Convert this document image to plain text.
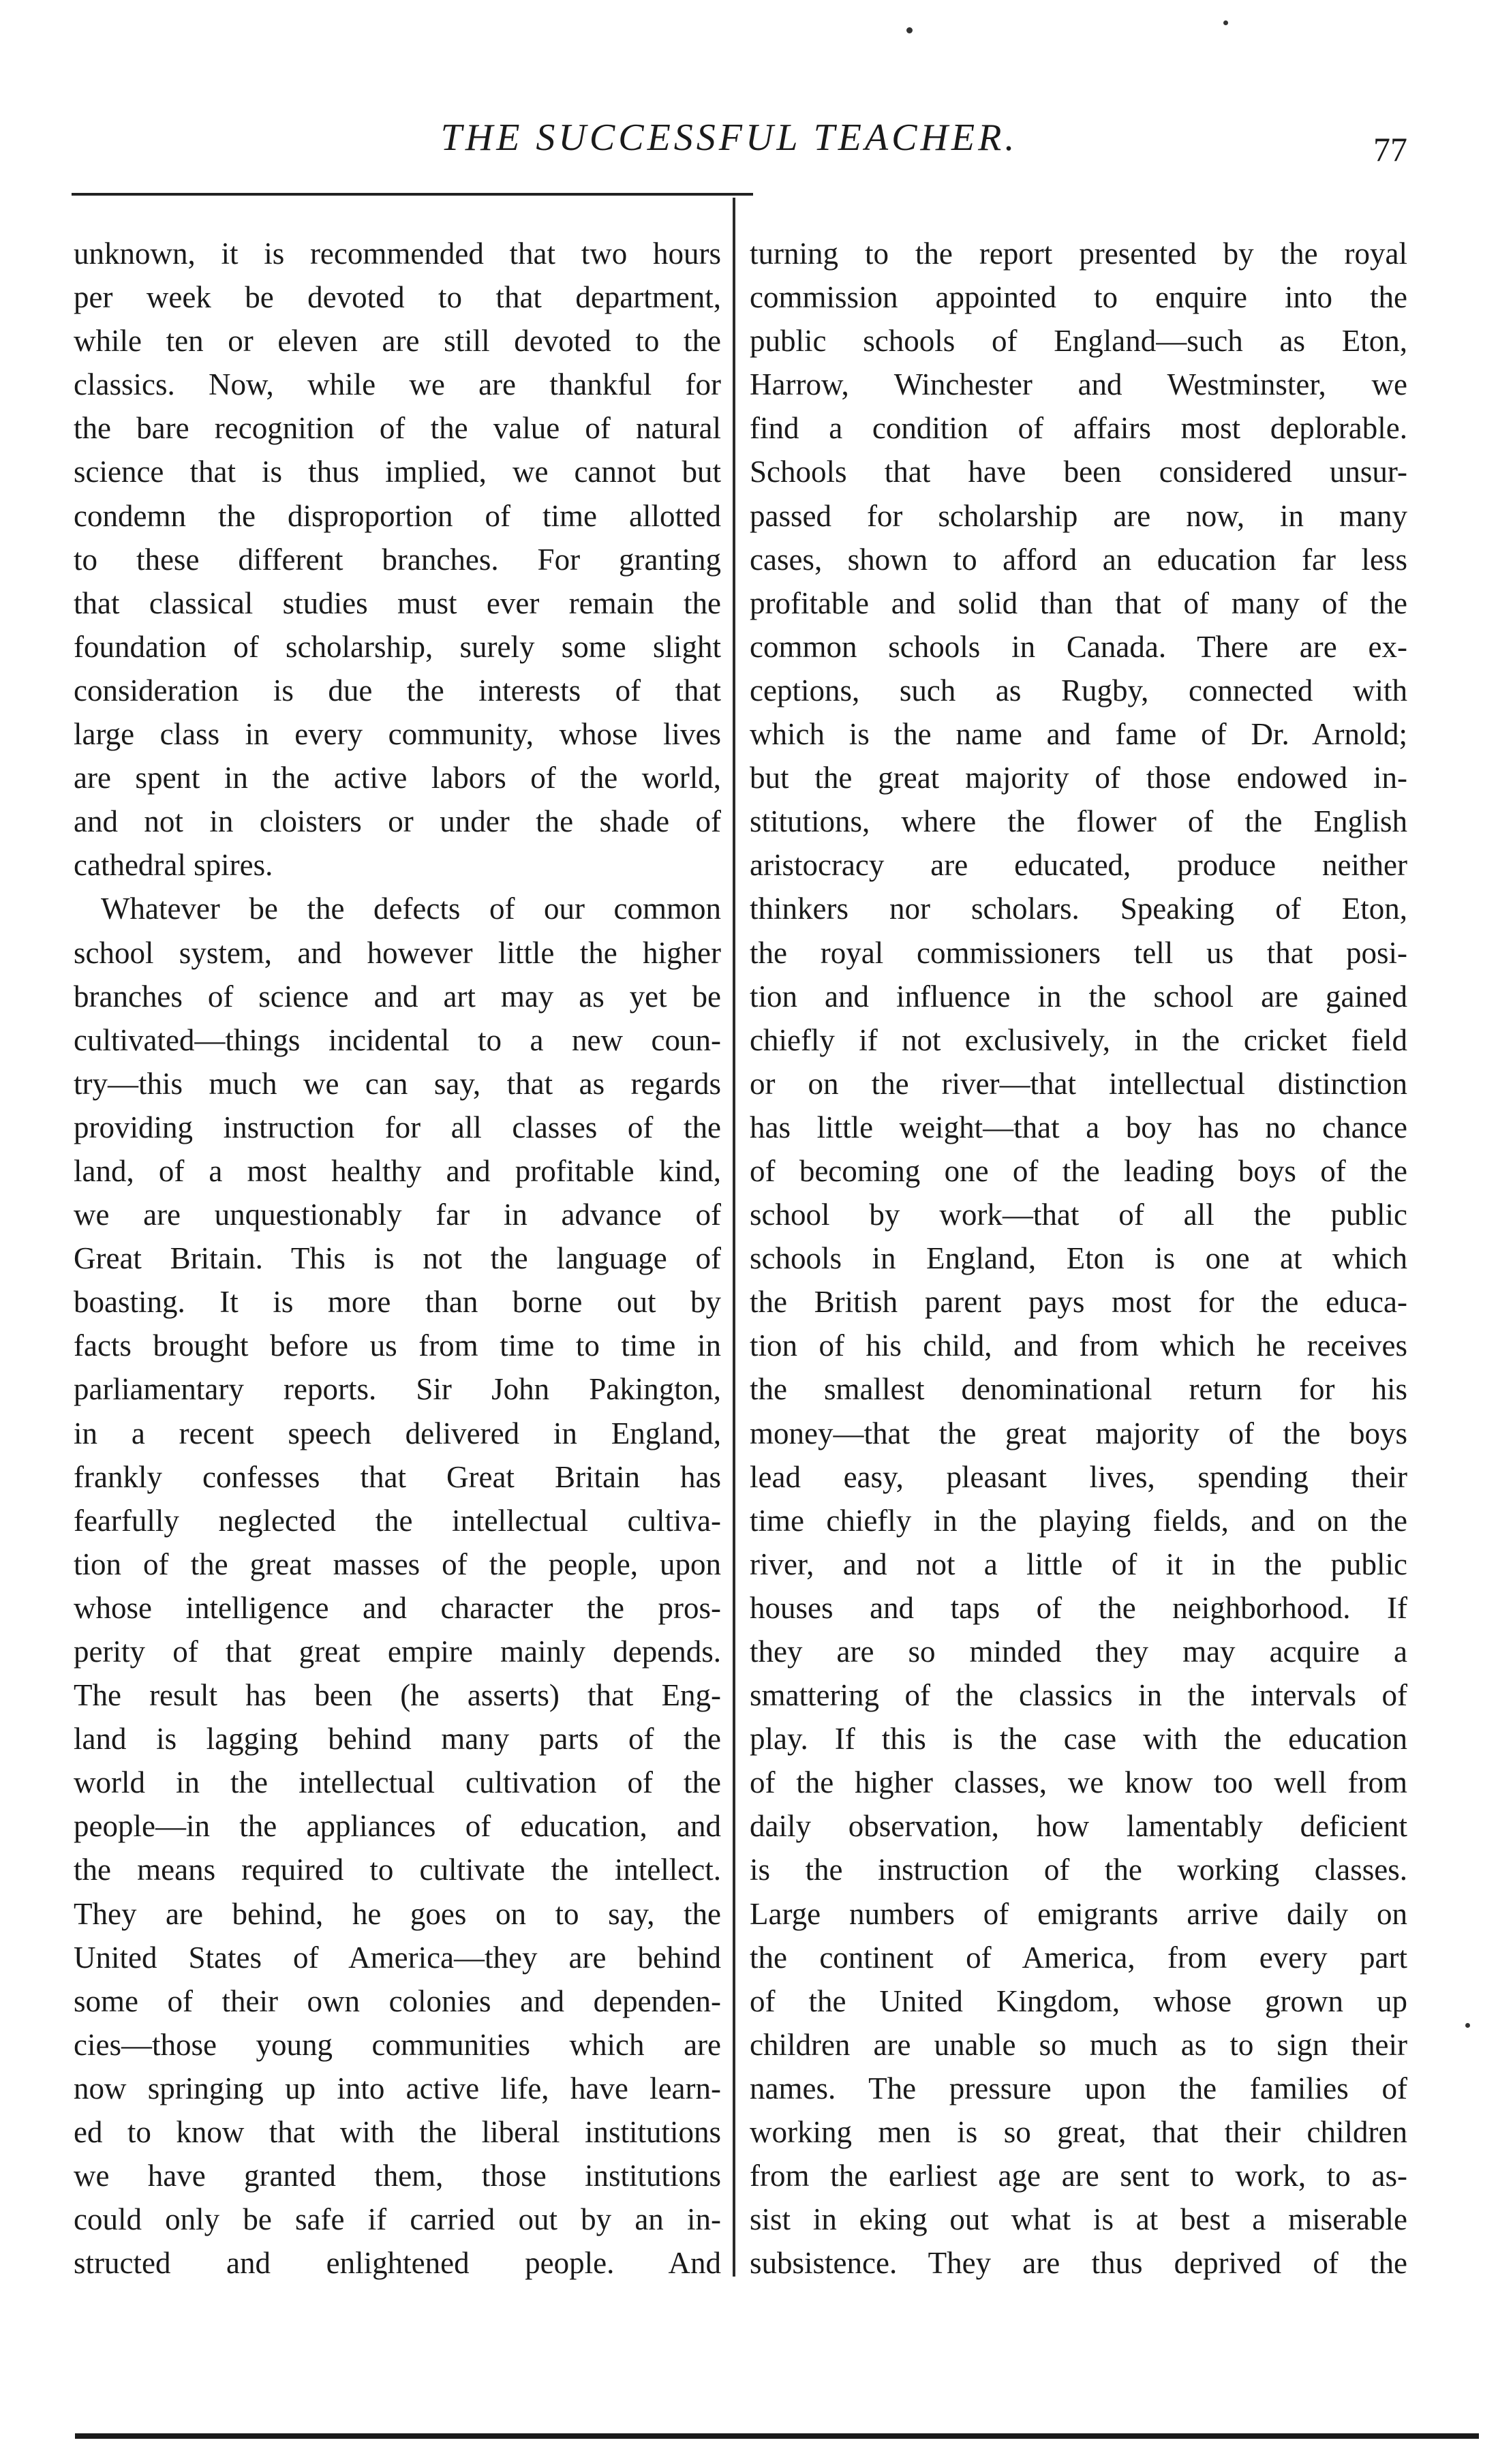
THE SUCCESSFUL TEACHER.	77
unknown, it is recommended that two hours
per week be devoted to that department,
while ten or eleven are still devoted to the
classics. Now, while we are thankful for
the bare recognition of the value of natural
science that is thus implied, we cannot but
condemn the disproportion of time allotted
to these different branches. For granting
that classical studies must ever remain the
foundation of scholarship, surely some slight
consideration is due the interests of that
large class in every community, whose lives
are spent in the active labors of the world,
and not in cloisters or under the shade of
cathedral spires.
Whatever be the defects of our common
school system, and however little the higher
branches of science and art may as yet be
cultivated—things incidental to a new coun-
try—this much we can say, that as regards
providing instruction for all classes of the
land, of a most healthy and profitable kind,
we are unquestionably far in advance of
Great Britain. This is not the language of
boasting. It is more than borne out by
facts brought before us from time to time in
parliamentary reports. Sir John Pakington,
in a recent speech delivered in England,
frankly confesses that Great Britain has
fearfully neglected the intellectual cultiva-
tion of the great masses of the people, upon
whose intelligence and character the pros-
perity of that great empire mainly depends.
The result has been (he asserts) that Eng-
land is lagging behind many parts of the
world in the intellectual cultivation of the
people—in the appliances of education, and
the means required to cultivate the intellect.
They are behind, he goes on to say, the
United States of America—they are behind
some of their own colonies and dependen-
cies—those young communities which are
now springing up into active life, have learn-
ed to know that with the liberal institutions
we have granted them, those institutions
could only be safe if carried out by an in-
structed and enlightened people. And
turning to the report presented by the royal
commission appointed to enquire into the
public schools of England—such as Eton,
Harrow, Winchester and Westminster, we
find a condition of affairs most deplorable.
Schools that have been considered unsur-
passed for scholarship are now, in many
cases, shown to afford an education far less
profitable and solid than that of many of the
common schools in Canada. There are ex-
ceptions, such as Rugby, connected with
which is the name and fame of Dr. Arnold;
but the great majority of those endowed in-
stitutions, where the flower of the English
aristocracy are educated, produce neither
thinkers nor scholars. Speaking of Eton,
the royal commissioners tell us that posi-
tion and influence in the school are gained
chiefly if not exclusively, in the cricket field
or on the river—that intellectual distinction
has little weight—that a boy has no chance
of becoming one of the leading boys of the
school by work—that of all the public
schools in England, Eton is one at which
the British parent pays most for the educa-
tion of his child, and from which he receives
the smallest denominational return for his
money—that the great majority of the boys
lead easy, pleasant lives, spending their
time chiefly in the playing fields, and on the
river, and not a little of it in the public
houses and taps of the neighborhood. If
they are so minded they may acquire a
smattering of the classics in the intervals of
play. If this is the case with the education
of the higher classes, we know too well from
daily observation, how lamentably deficient
is the instruction of the working classes.
Large numbers of emigrants arrive daily on
the continent of America, from every part
of the United Kingdom, whose grown up
children are unable so much as to sign their
names. The pressure upon the families of
working men is so great, that their children
from the earliest age are sent to work, to as-
sist in eking out what is at best a miserable
subsistence. They are thus deprived of the
